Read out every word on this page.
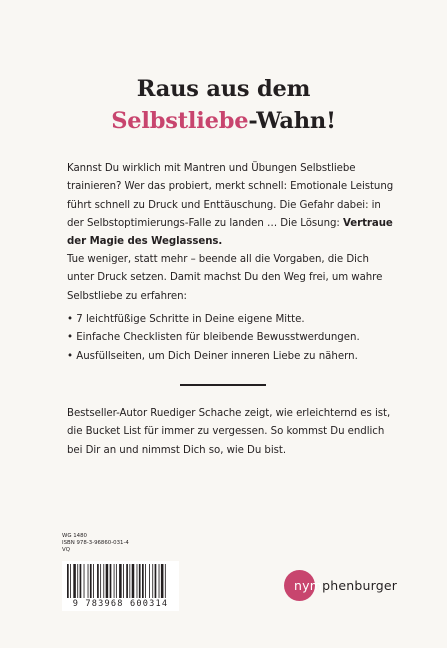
Raus aus dem
Selbstliebe-Wahn!

Kannst Du wirklich mit Mantren und Übungen Selbstliebe trainieren? Wer das probiert, merkt schnell: Emotionale Leistung führt schnell zu Druck und Enttäuschung. Die Gefahr dabei: in der Selbstoptimierungs-Falle zu landen … Die Lösung: Vertraue der Magie des Weglassens.

Tue weniger, statt mehr – beende all die Vorgaben, die Dich unter Druck setzen. Damit machst Du den Weg frei, um wahre Selbstliebe zu erfahren:

• 7 leichtfüßige Schritte in Deine eigene Mitte.
• Einfache Checklisten für bleibende Bewusstwerdungen.
• Ausfüllseiten, um Dich Deiner inneren Liebe zu nähern.

Bestseller-Autor Ruediger Schache zeigt, wie erleichternd es ist, die Bucket List für immer zu vergessen. So kommst Du endlich bei Dir an und nimmst Dich so, wie Du bist.

WG 1480
ISBN 978-3-96860-031-4
VQ
9 783968 600314
nymphenburger
